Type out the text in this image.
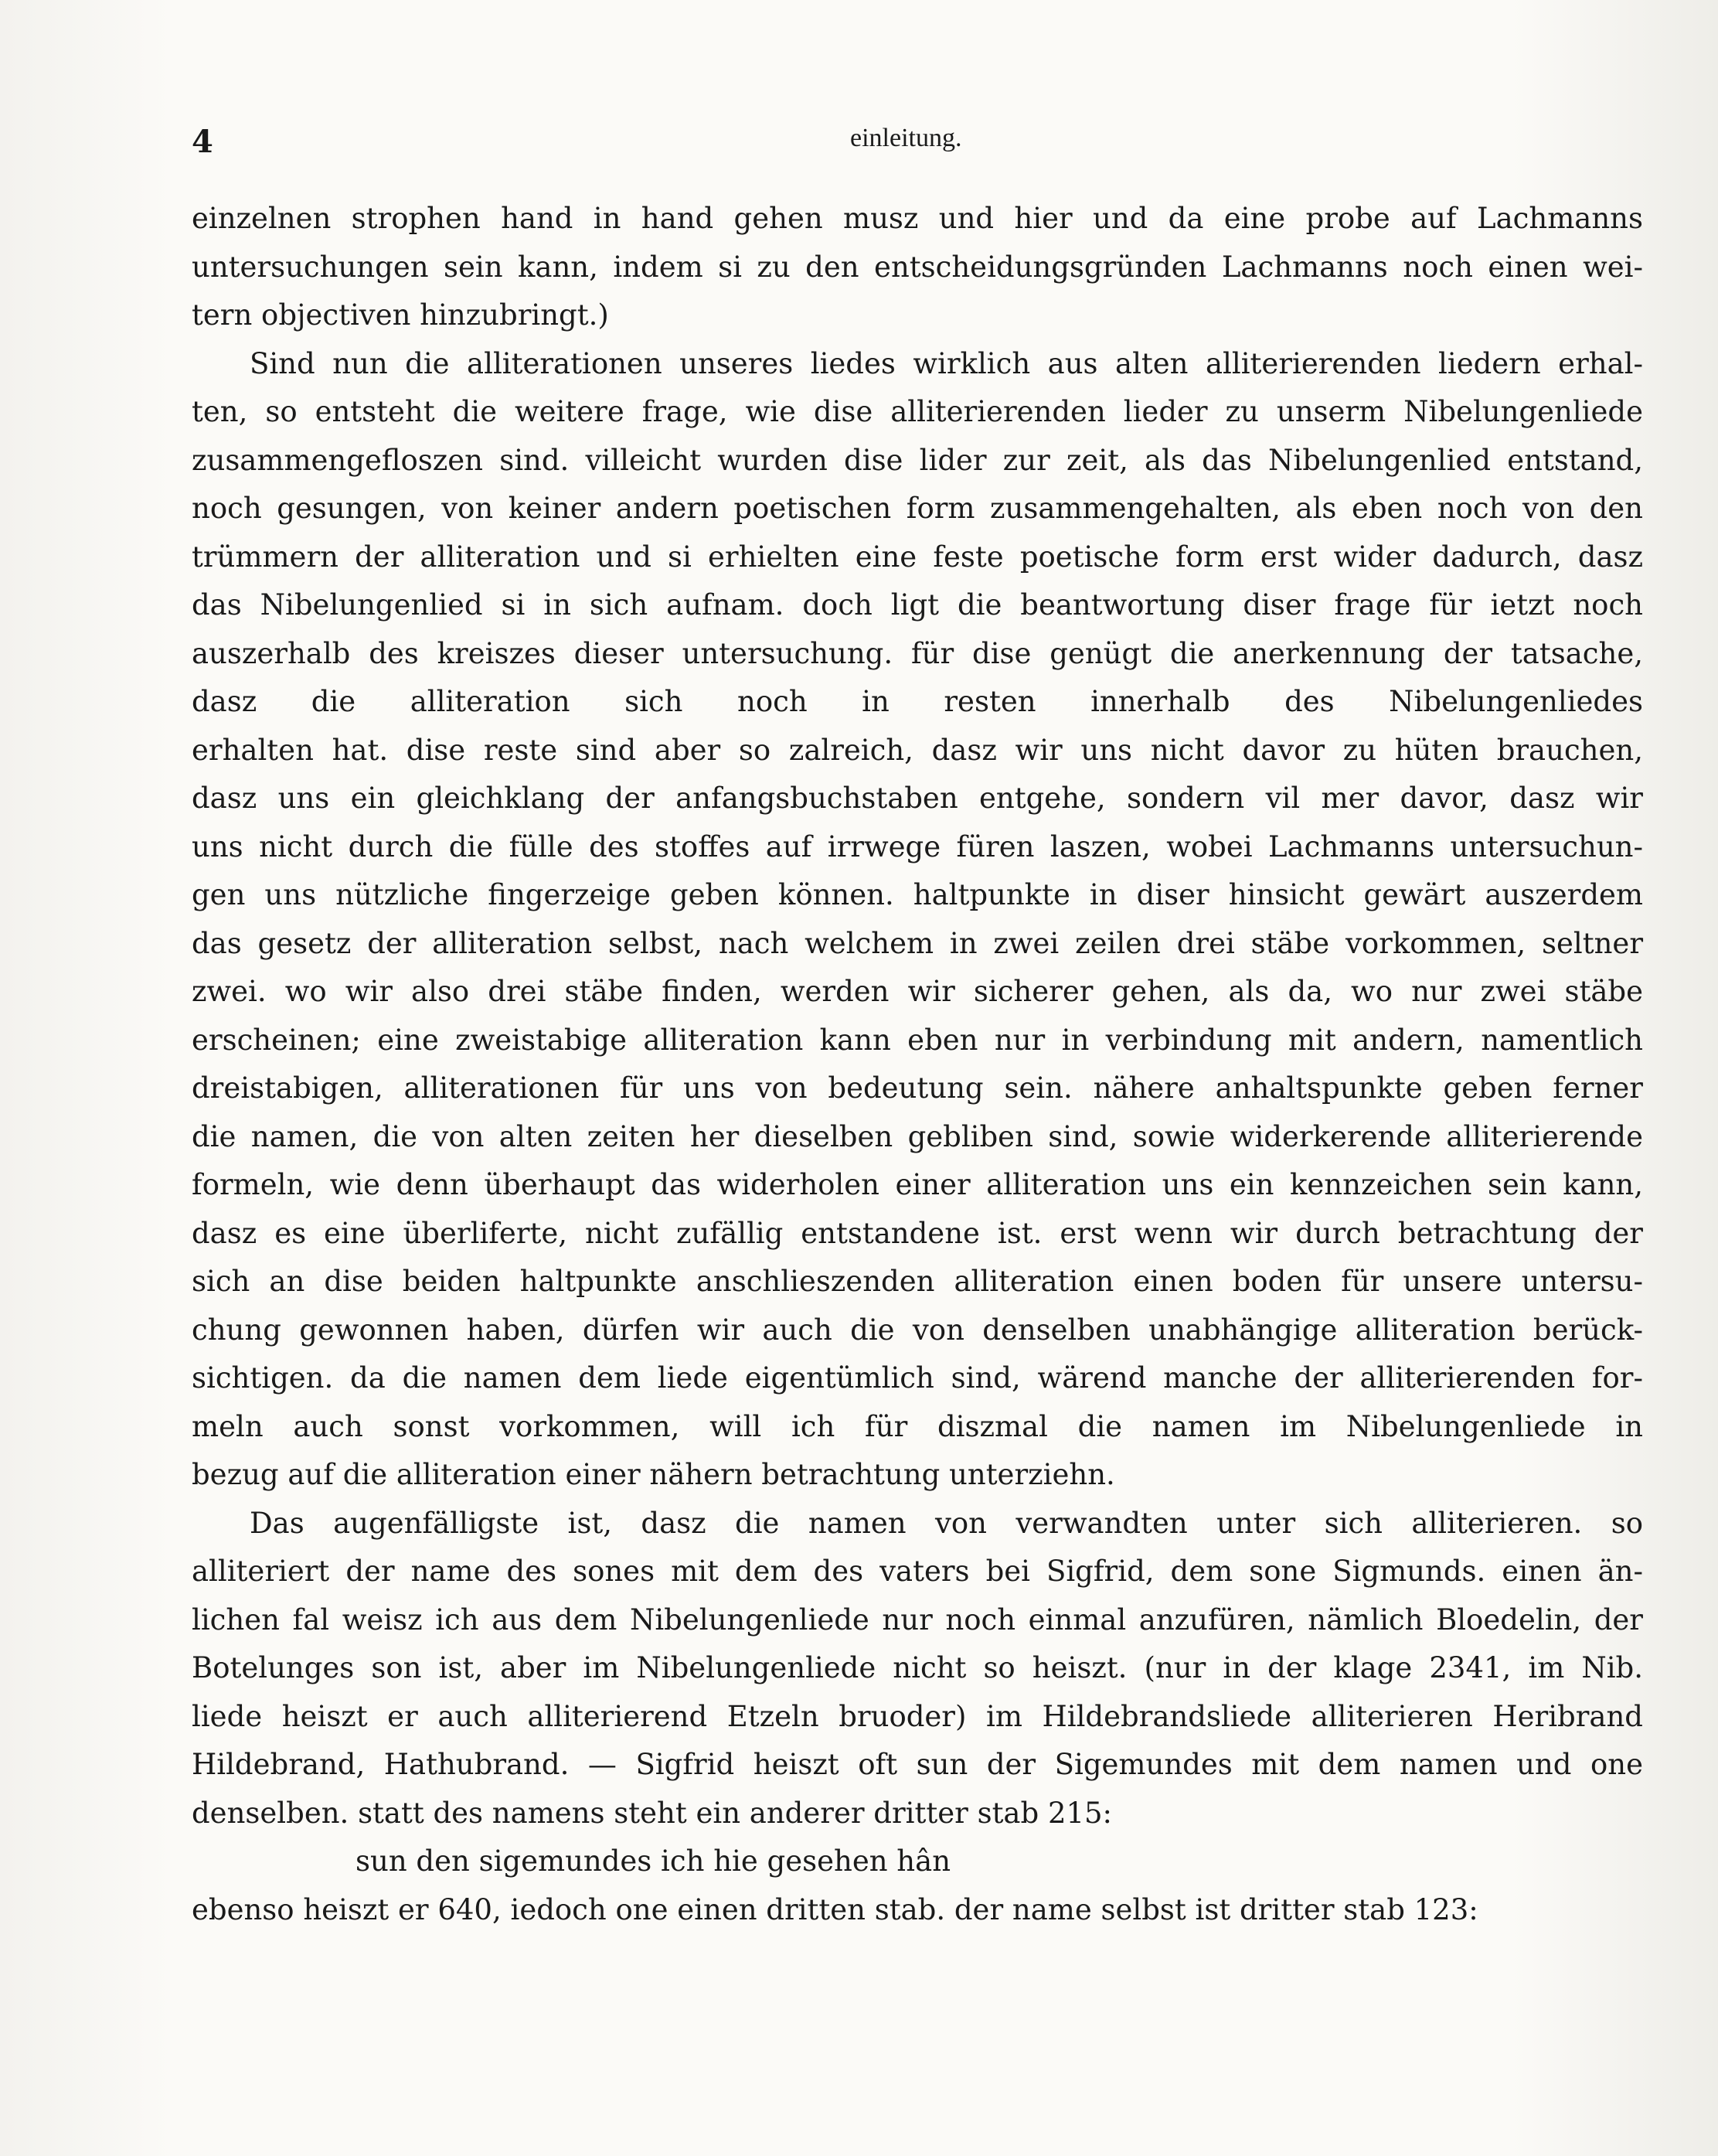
4	einleitung.
einzelnen strophen hand in hand gehen musz und hier und da eine probe auf Lachmanns
untersuchungen sein kann, indem si zu den entscheidungsgründen Lachmanns noch einen wei-
tern objectiven hinzubringt.)
Sind nun die alliterationen unseres liedes wirklich aus alten alliterierenden liedern erhal-
ten, so entsteht die weitere frage, wie dise alliterierenden lieder zu unserm Nibelungenliede
zusammengefloszen sind. villeicht wurden dise lider zur zeit, als das Nibelungenlied entstand,
noch gesungen, von keiner andern poetischen form zusammengehalten, als eben noch von den
trümmern der alliteration und si erhielten eine feste poetische form erst wider dadurch, dasz
das Nibelungenlied si in sich aufnam. doch ligt die beantwortung diser frage für ietzt noch
auszerhalb des kreiszes dieser untersuchung. für dise genügt die anerkennung der tatsache,
dasz die alliteration sich noch in resten innerhalb des Nibelungenliedes
erhalten hat. dise reste sind aber so zalreich, dasz wir uns nicht davor zu hüten brauchen,
dasz uns ein gleichklang der anfangsbuchstaben entgehe, sondern vil mer davor, dasz wir
uns nicht durch die fülle des stoffes auf irrwege füren laszen, wobei Lachmanns untersuchun-
gen uns nützliche fingerzeige geben können. haltpunkte in diser hinsicht gewärt auszerdem
das gesetz der alliteration selbst, nach welchem in zwei zeilen drei stäbe vorkommen, seltner
zwei. wo wir also drei stäbe finden, werden wir sicherer gehen, als da, wo nur zwei stäbe
erscheinen; eine zweistabige alliteration kann eben nur in verbindung mit andern, namentlich
dreistabigen, alliterationen für uns von bedeutung sein. nähere anhaltspunkte geben ferner
die namen, die von alten zeiten her dieselben gebliben sind, sowie widerkerende alliterierende
formeln, wie denn überhaupt das widerholen einer alliteration uns ein kennzeichen sein kann,
dasz es eine überliferte, nicht zufällig entstandene ist. erst wenn wir durch betrachtung der
sich an dise beiden haltpunkte anschlieszenden alliteration einen boden für unsere untersu-
chung gewonnen haben, dürfen wir auch die von denselben unabhängige alliteration berück-
sichtigen. da die namen dem liede eigentümlich sind, wärend manche der alliterierenden for-
meln auch sonst vorkommen, will ich für diszmal die namen im Nibelungenliede in
bezug auf die alliteration einer nähern betrachtung unterziehn.
Das augenfälligste ist, dasz die namen von verwandten unter sich alliterieren. so
alliteriert der name des sones mit dem des vaters bei Sigfrid, dem sone Sigmunds. einen än-
lichen fal weisz ich aus dem Nibelungenliede nur noch einmal anzufüren, nämlich Bloedelin, der
Botelunges son ist, aber im Nibelungenliede nicht so heiszt. (nur in der klage 2341, im Nib.
liede heiszt er auch alliterierend Etzeln bruoder) im Hildebrandsliede alliterieren Heribrand
Hildebrand, Hathubrand. — Sigfrid heiszt oft sun der Sigemundes mit dem namen und one
denselben. statt des namens steht ein anderer dritter stab 215:
sun den sigemundes ich hie gesehen hân
ebenso heiszt er 640, iedoch one einen dritten stab. der name selbst ist dritter stab 123:
